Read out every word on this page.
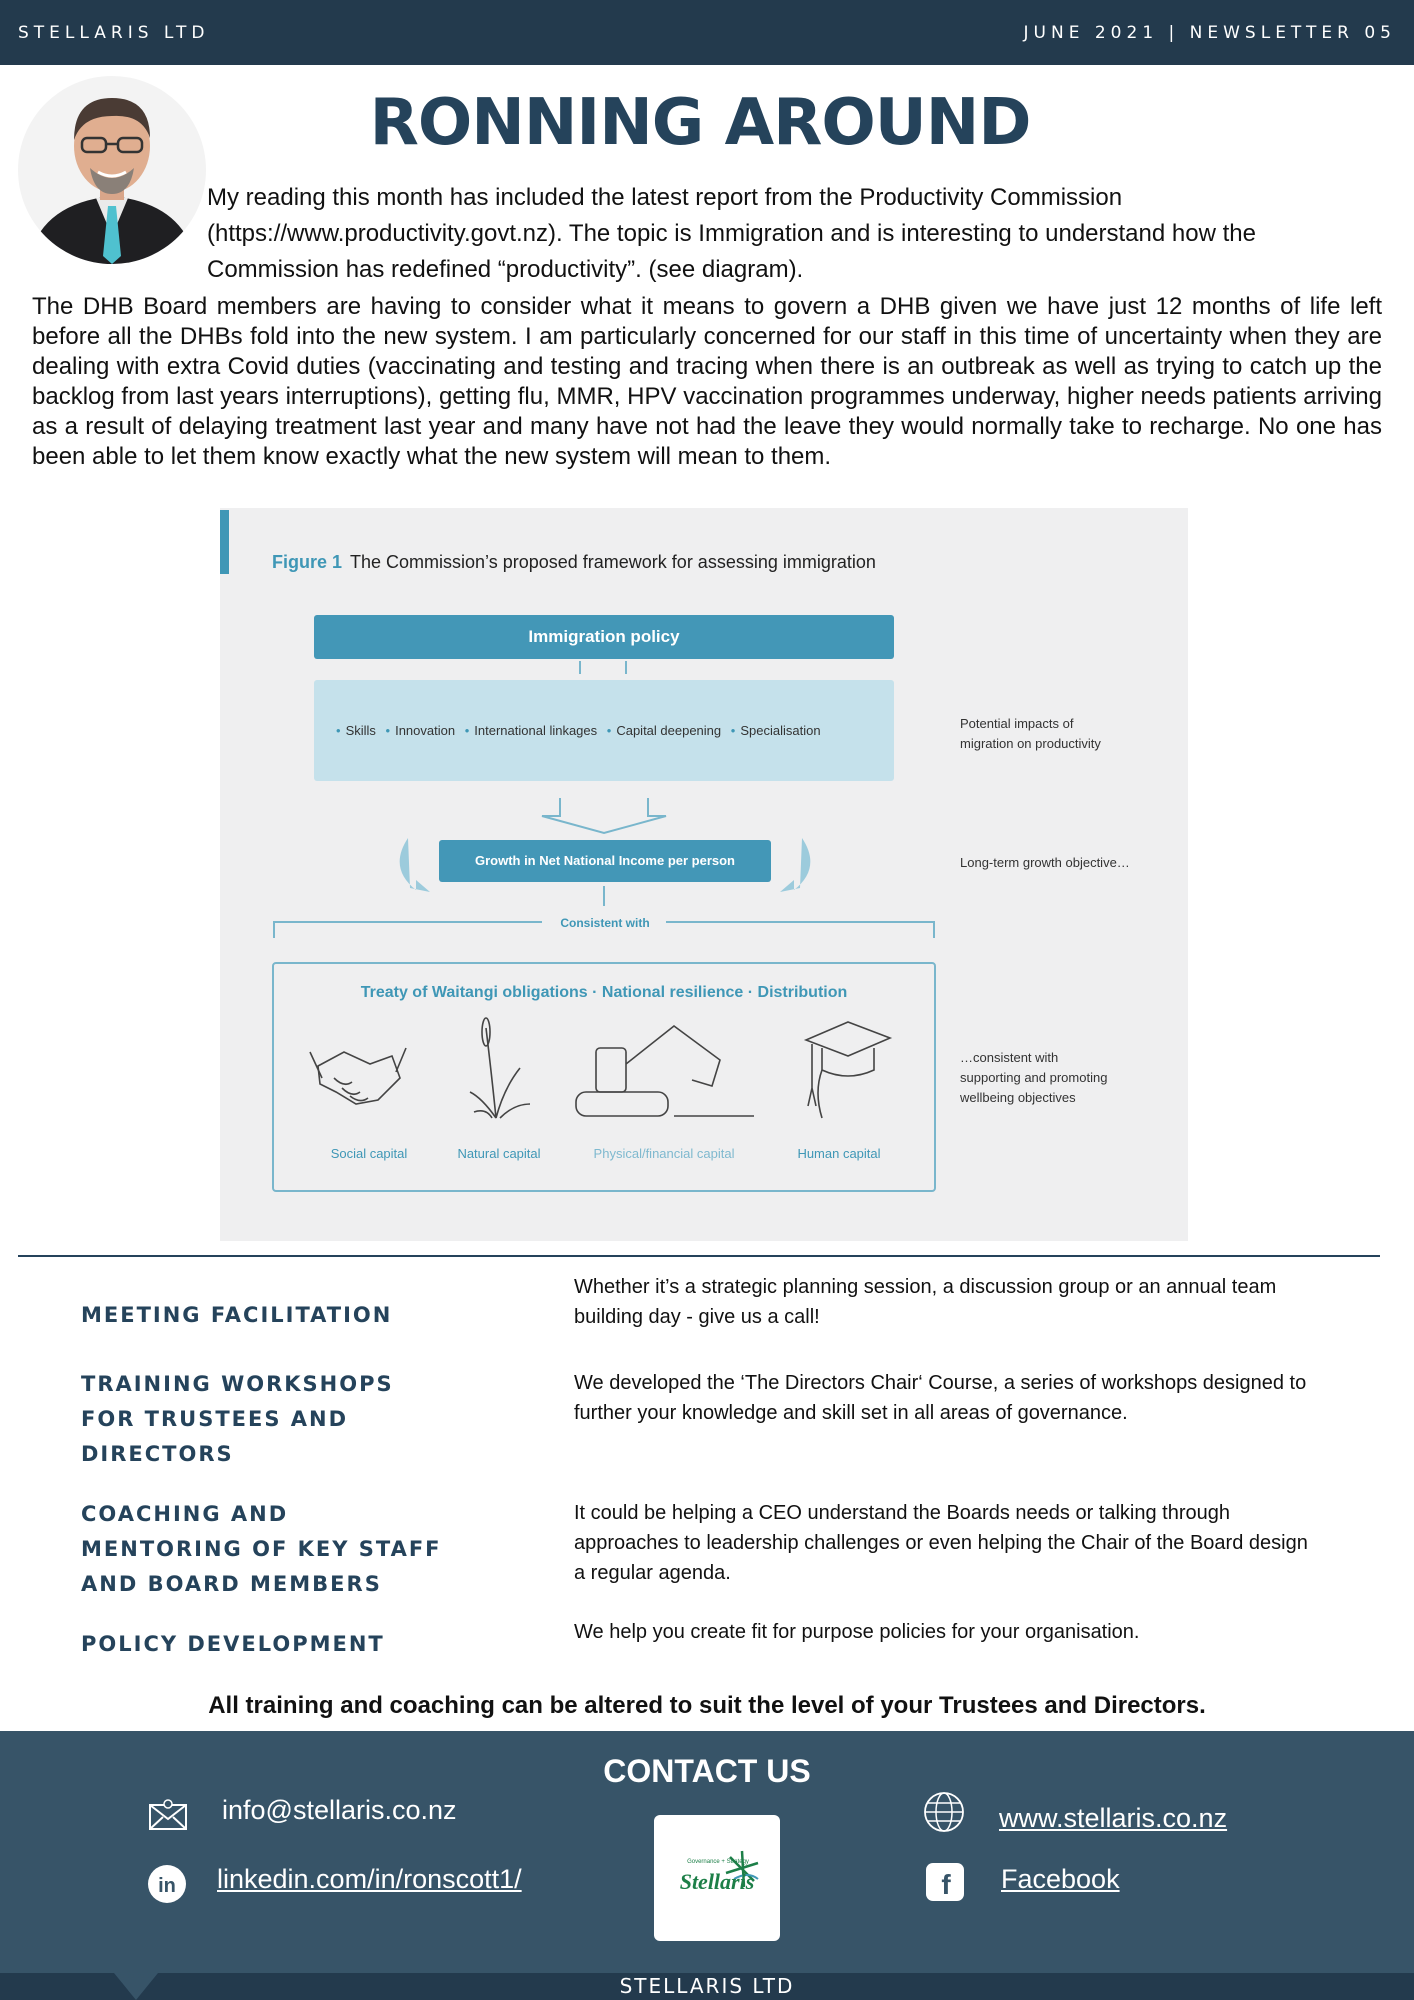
STELLARIS LTD	JUNE 2021 | NEWSLETTER 05
RONNING AROUND
My reading this month has included the latest report from the Productivity Commission (https://www.productivity.govt.nz). The topic is Immigration and is interesting to understand how the Commission has redefined “productivity”. (see diagram).
The DHB Board members are having to consider what it means to govern a DHB given we have just 12 months of life left before all the DHBs fold into the new system. I am particularly concerned for our staff in this time of uncertainty when they are dealing with extra Covid duties (vaccinating and testing and tracing when there is an outbreak as well as trying to catch up the backlog from last years interruptions), getting flu, MMR, HPV vaccination programmes underway, higher needs patients arriving as a result of delaying treatment last year and many have not had the leave they would normally take to recharge. No one has been able to let them know exactly what the new system will mean to them.
Figure 1 The Commission’s proposed framework for assessing immigration
Immigration policy
• Skills • Innovation • International linkages • Capital deepening • Specialisation
Growth in Net National Income per person
Consistent with
Treaty of Waitangi obligations · National resilience · Distribution
Social capital	Natural capital	Physical/financial capital	Human capital
Potential impacts of
migration on productivity
Long-term growth objective…
…consistent with
supporting and promoting
wellbeing objectives
MEETING FACILITATION
Whether it’s a strategic planning session, a discussion group or an annual team building day - give us a call!
TRAINING WORKSHOPS
FOR TRUSTEES AND
DIRECTORS
We developed the ‘The Directors Chair‘ Course, a series of workshops designed to further your knowledge and skill set in all areas of governance.
COACHING AND
MENTORING OF KEY STAFF
AND BOARD MEMBERS
It could be helping a CEO understand the Boards needs or talking through approaches to leadership challenges or even helping the Chair of the Board design a regular agenda.
POLICY DEVELOPMENT	We help you create fit for purpose policies for your organisation.
All training and coaching can be altered to suit the level of your Trustees and Directors.
CONTACT US
info@stellaris.co.nz
in linkedin.com/in/ronscott1/
Governance + Strategy
Stellaris
www.stellaris.co.nz
f Facebook
STELLARIS LTD
